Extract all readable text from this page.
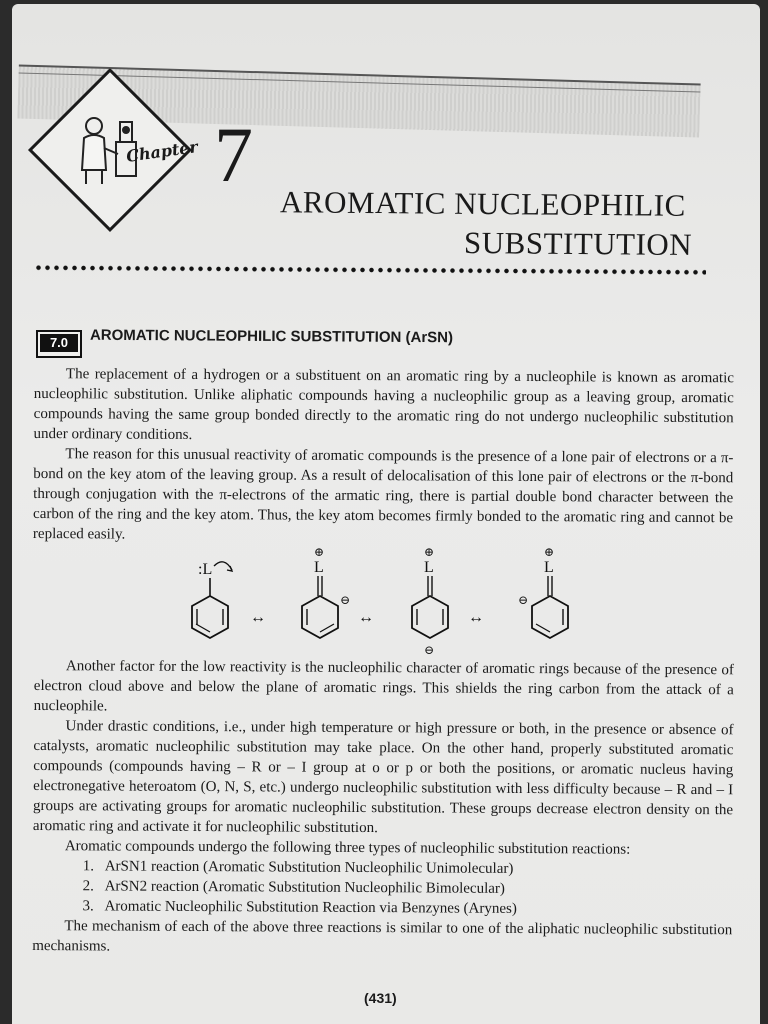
Chapter 7
AROMATIC NUCLEOPHILIC
SUBSTITUTION
7.0	AROMATIC NUCLEOPHILIC SUBSTITUTION (ArSN)

The replacement of a hydrogen or a substituent on an aromatic ring by a nucleophile is known as aromatic nucleophilic substitution. Unlike aliphatic compounds having a nucleophilic group as a leaving group, aromatic compounds having the same group bonded directly to the aromatic ring do not undergo nucleophilic substitution under ordinary conditions.

The reason for this unusual reactivity of aromatic compounds is the presence of a lone pair of electrons or a π-bond on the key atom of the leaving group. As a result of delocalisation of this lone pair of electrons or the π-bond through conjugation with the π-electrons of the armatic ring, there is partial double bond character between the carbon of the ring and the key atom. Thus, the key atom becomes firmly bonded to the aromatic ring and cannot be replaced easily.

:L
↔
⊕
L
⊖
↔
⊕
L
⊖
↔
⊕
L
⊖

Another factor for the low reactivity is the nucleophilic character of aromatic rings because of the presence of electron cloud above and below the plane of aromatic rings. This shields the ring carbon from the attack of a nucleophile.

Under drastic conditions, i.e., under high temperature or high pressure or both, in the presence or absence of catalysts, aromatic nucleophilic substitution may take place. On the other hand, properly substituted aromatic compounds (compounds having – R or – I group at o or p or both the positions, or aromatic nucleus having electronegative heteroatom (O, N, S, etc.) undergo nucleophilic substitution with less difficulty because – R and – I groups are activating groups for aromatic nucleophilic substitution. These groups decrease electron density on the aromatic ring and activate it for nucleophilic substitution.

Aromatic compounds undergo the following three types of nucleophilic substitution reactions:

1. ArSN1 reaction (Aromatic Substitution Nucleophilic Unimolecular)
2. ArSN2 reaction (Aromatic Substitution Nucleophilic Bimolecular)
3. Aromatic Nucleophilic Substitution Reaction via Benzynes (Arynes)

The mechanism of each of the above three reactions is similar to one of the aliphatic nucleophilic substitution mechanisms.

(431)
